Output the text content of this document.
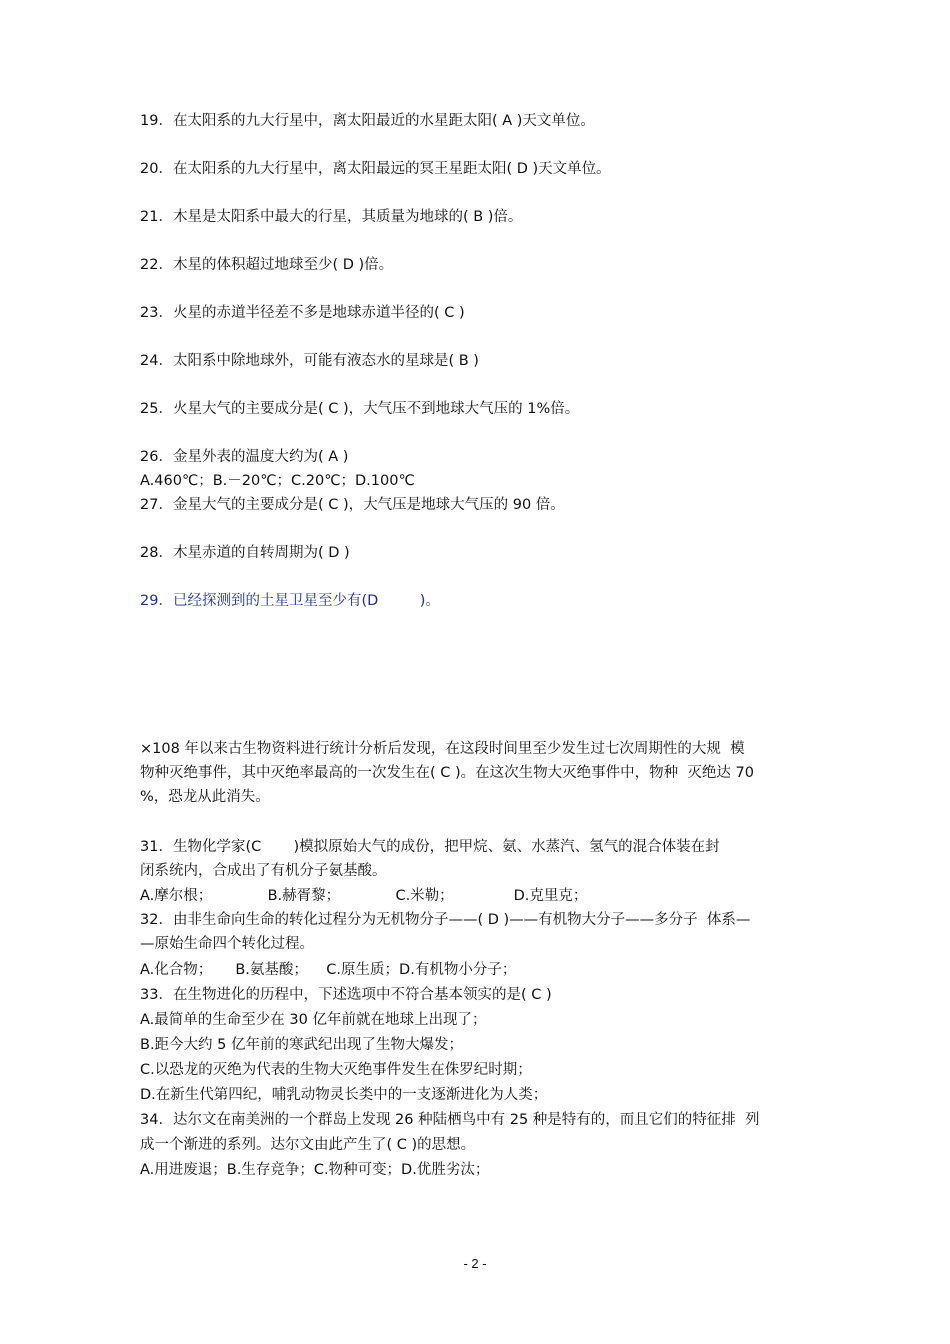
19．在太阳系的九大行星中，离太阳最近的水星距太阳( A )天文单位。
20．在太阳系的九大行星中，离太阳最远的冥王星距太阳( D )天文单位。
21．木星是太阳系中最大的行星，其质量为地球的( B )倍。
22．木星的体积超过地球至少( D )倍。
23．火星的赤道半径差不多是地球赤道半径的( C )
24．太阳系中除地球外，可能有液态水的星球是( B )
25．火星大气的主要成分是( C )，大气压不到地球大气压的 1%倍。
26．金星外表的温度大约为( A )
A.460℃；B.－20℃；C.20℃；D.100℃
27．金星大气的主要成分是( C )，大气压是地球大气压的 90 倍。
28．木星赤道的自转周期为( D )
29．已经探测到的土星卫星至少有(D         )。
×108 年以来古生物资料进行统计分析后发现，在这段时间里至少发生过七次周期性的大规  模
物种灭绝事件，其中灭绝率最高的一次发生在( C )。在这次生物大灭绝事件中，物种  灭绝达 70
%，恐龙从此消失。
31．生物化学家(C       )模拟原始大气的成份，把甲烷、氨、水蒸汽、氢气的混合体装在封
闭系统内，合成出了有机分子氨基酸。
A.摩尔根；            B.赫胥黎；            C.米勒；             D.克里克；
32．由非生命向生命的转化过程分为无机物分子——( D )——有机物大分子——多分子  体系—
—原始生命四个转化过程。
A.化合物；     B.氨基酸；    C.原生质；D.有机物小分子；
33．在生物进化的历程中，下述选项中不符合基本领实的是( C )
A.最简单的生命至少在 30 亿年前就在地球上出现了；
B.距今大约 5 亿年前的寒武纪出现了生物大爆发；
C.以恐龙的灭绝为代表的生物大灭绝事件发生在侏罗纪时期；
D.在新生代第四纪，哺乳动物灵长类中的一支逐渐进化为人类；
34．达尔文在南美洲的一个群岛上发现 26 种陆栖鸟中有 25 种是特有的，而且它们的特征排  列
成一个渐进的系列。达尔文由此产生了( C )的思想。
A.用进废退；B.生存竞争；C.物种可变；D.优胜劣汰；
- 2 -
